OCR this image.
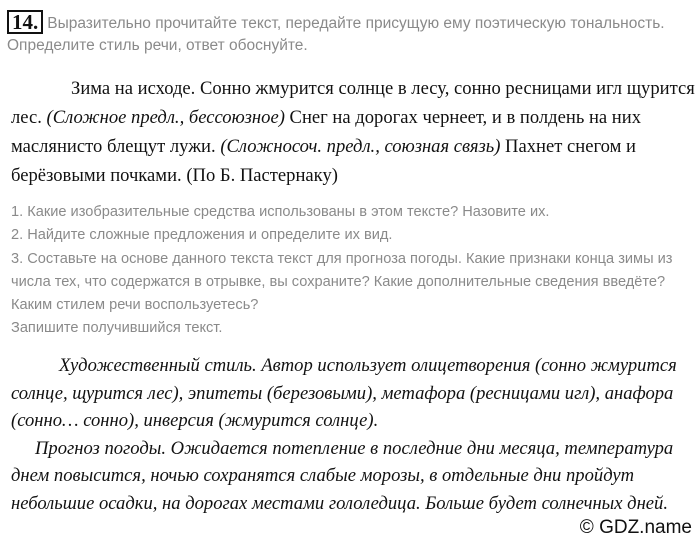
14. Выразительно прочитайте текст, передайте присущую ему поэтическую тональность. Определите стиль речи, ответ обоснуйте.
Зима на исходе. Сонно жмурится солнце в лесу, сонно ресницами игл щурится лес. (Сложное предл., бессоюзное) Снег на дорогах чернеет, и в полдень на них маслянисто блещут лужи. (Сложносоч. предл., союзная связь) Пахнет снегом и берёзовыми почками. (По Б. Пастернаку)
1. Какие изобразительные средства использованы в этом тексте? Назовите их.
2. Найдите сложные предложения и определите их вид.
3. Составьте на основе данного текста текст для прогноза погоды. Какие признаки конца зимы из числа тех, что содержатся в отрывке, вы сохраните? Какие дополнительные сведения введёте? Каким стилем речи воспользуетесь?
Запишите получившийся текст.

Художественный стиль. Автор использует олицетворения (сонно жмурится солнце, щурится лес), эпитеты (березовыми), метафора (ресницами игл), анафора (сонно… сонно), инверсия (жмурится солнце).

Прогноз погоды. Ожидается потепление в последние дни месяца, температура днем повысится, ночью сохранятся слабые морозы, в отдельные дни пройдут небольшие осадки, на дорогах местами гололедица. Больше будет солнечных дней.

© GDZ.name
